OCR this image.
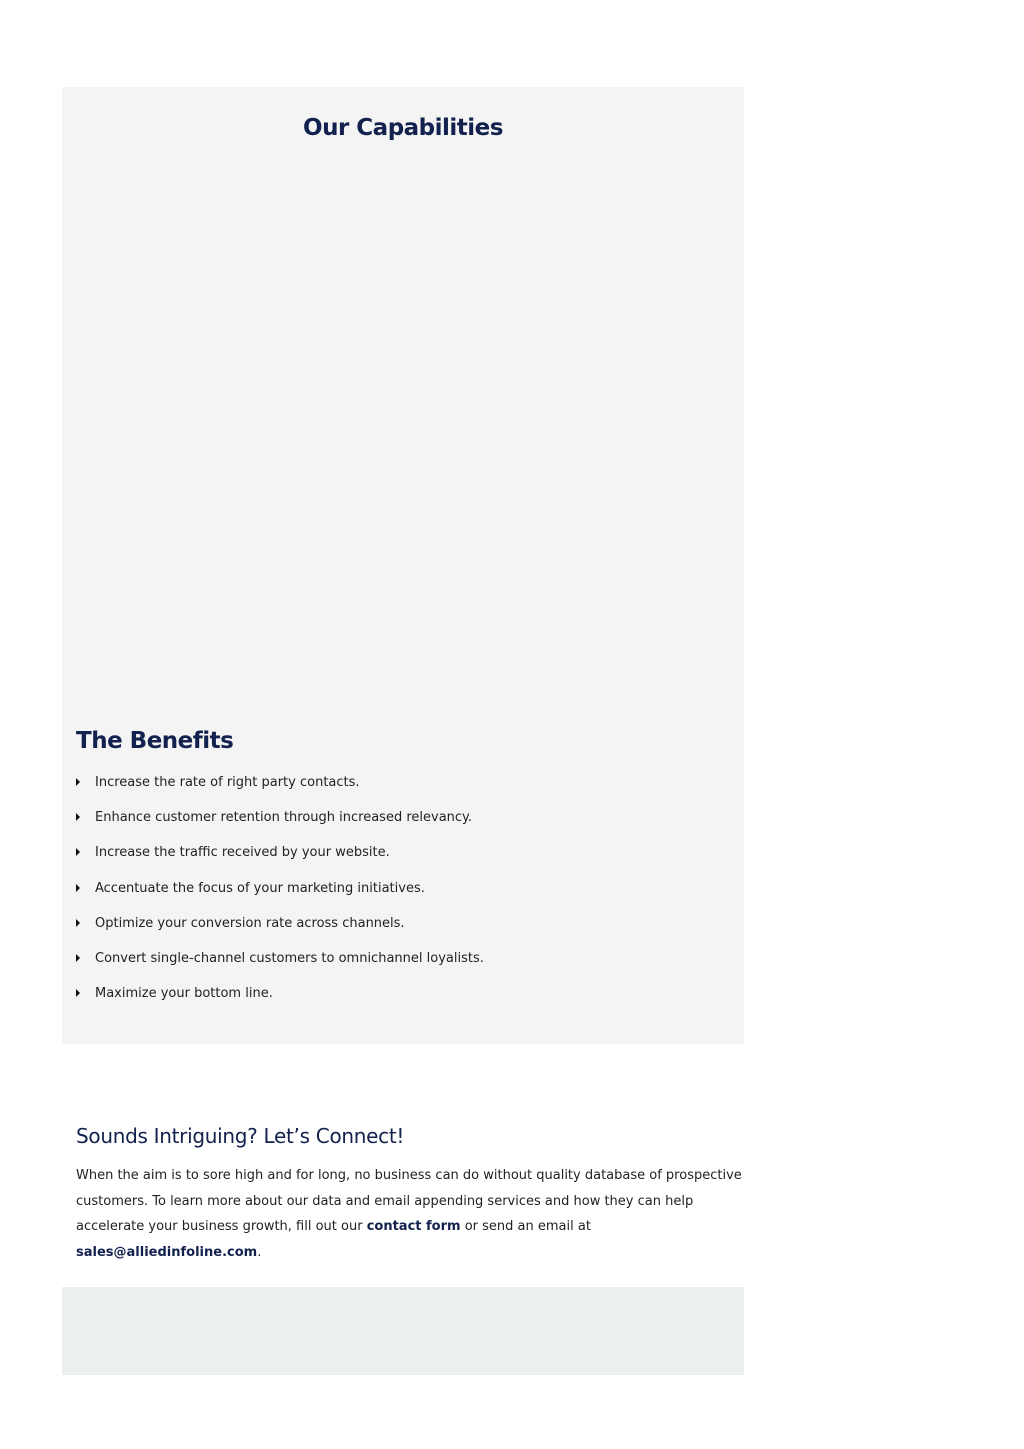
Our Capabilities
The Benefits
Increase the rate of right party contacts.
Enhance customer retention through increased relevancy.
Increase the traffic received by your website.
Accentuate the focus of your marketing initiatives.
Optimize your conversion rate across channels.
Convert single-channel customers to omnichannel loyalists.
Maximize your bottom line.
Sounds Intriguing? Let’s Connect!

When the aim is to sore high and for long, no business can do without quality database of prospective customers. To learn more about our data and email appending services and how they can help accelerate your business growth, fill out our contact form or send an email at sales@alliedinfoline.com.
